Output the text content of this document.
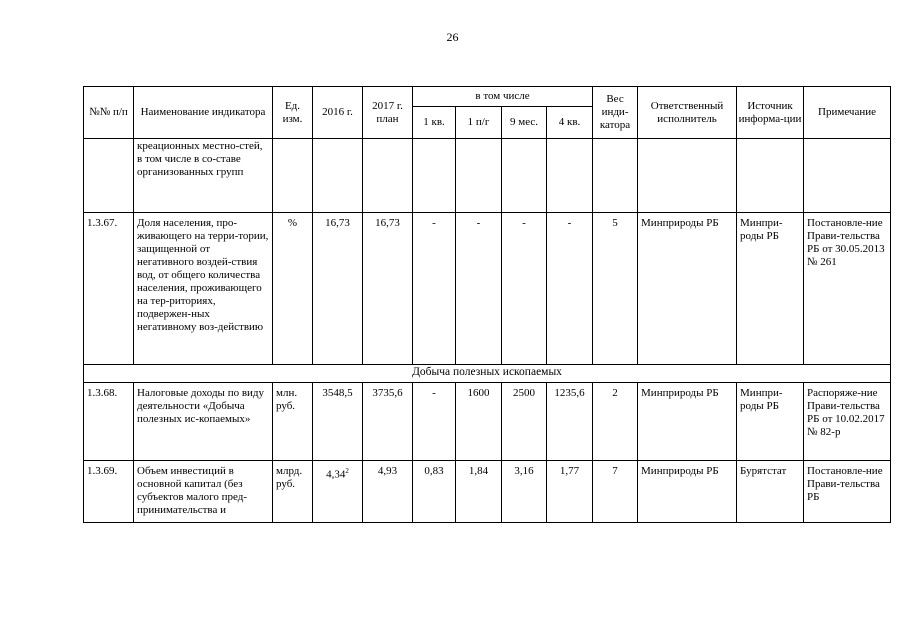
26
№№ п/п	Наименование индикатора	Ед. изм.	2016 г.	2017 г. план	в том числе				Вес инди-катора	Ответственный исполнитель	Источник информа-ции	Примечание
					1 кв.	1 п/г	9 мес.	4 кв.				
	креационных местно-стей, в том числе в со-ставе организованных групп											
1.3.67.	Доля населения, про-живающего на терри-тории, защищенной от негативного воздей-ствия вод, от общего количества населения, проживающего на тер-риториях, подвержен-ных негативному воз-действию	%	16,73	16,73	-	-	-	-	5	Минприроды РБ	Минпри-роды РБ	Постановле-ние Прави-тельства РБ от 30.05.2013 № 261
Добыча полезных ископаемых												
1.3.68.	Налоговые доходы по виду деятельности «Добыча полезных ис-копаемых»	млн. руб.	3548,5	3735,6	-	1600	2500	1235,6	2	Минприроды РБ	Минпри-роды РБ	Распоряже-ние Прави-тельства РБ от 10.02.2017 № 82-р
1.3.69.	Объем инвестиций в основной капитал (без субъектов малого пред-принимательства и	млрд. руб.	4,34$^2$	4,93	0,83	1,84	3,16	1,77	7	Минприроды РБ	Бурятстат	Постановле-ние Прави-тельства РБ
